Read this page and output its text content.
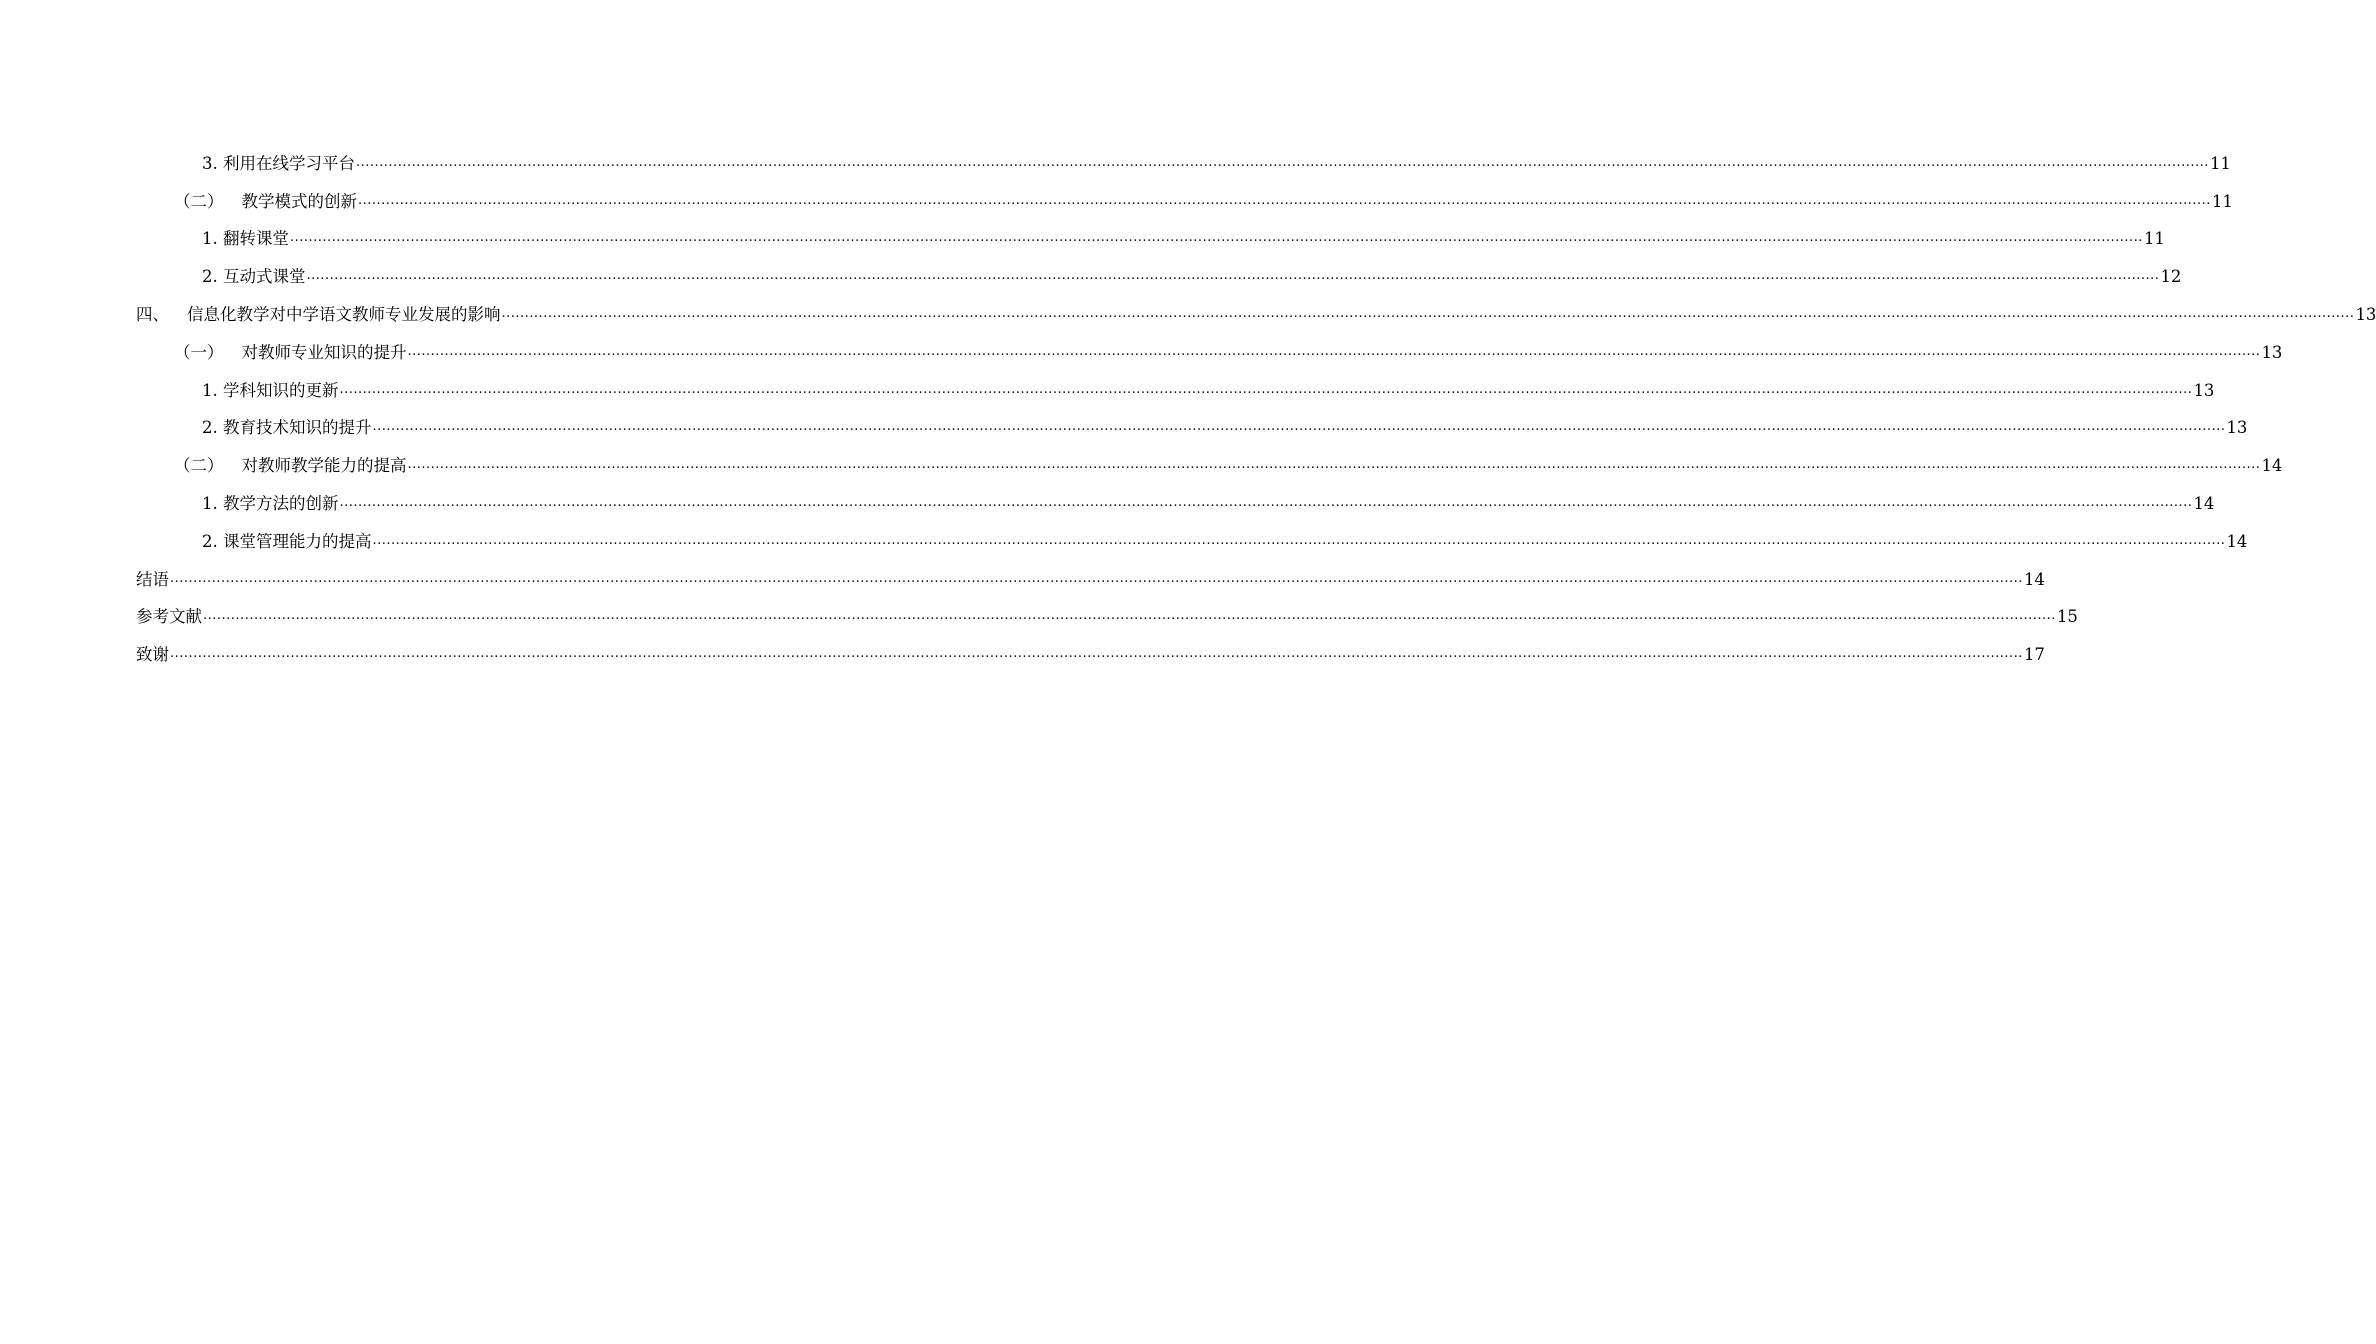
3.
利用在线学习平台 ................................................................................................................................................................................................................................................................................................................................................................................................................ 11
（二） 教学模式的创新 ................................................................................................................................................................................................................................................................................................................................................................................................................ 11
1.
翻转课堂 ................................................................................................................................................................................................................................................................................................................................................................................................................ 11
2.
互动式课堂 ................................................................................................................................................................................................................................................................................................................................................................................................................ 12
四、 信息化教学对中学语文教师专业发展的影响 ................................................................................................................................................................................................................................................................................................................................................................................................................ 13
（一） 对教师专业知识的提升 ................................................................................................................................................................................................................................................................................................................................................................................................................ 13
1.
学科知识的更新 ................................................................................................................................................................................................................................................................................................................................................................................................................ 13
2.
教育技术知识的提升 ................................................................................................................................................................................................................................................................................................................................................................................................................ 13
（二） 对教师教学能力的提高 ................................................................................................................................................................................................................................................................................................................................................................................................................ 14
1.
教学方法的创新 ................................................................................................................................................................................................................................................................................................................................................................................................................ 14
2.
课堂管理能力的提高 ................................................................................................................................................................................................................................................................................................................................................................................................................ 14
结语 ................................................................................................................................................................................................................................................................................................................................................................................................................ 14
参考文献 ................................................................................................................................................................................................................................................................................................................................................................................................................ 15
致谢 ................................................................................................................................................................................................................................................................................................................................................................................................................ 17
